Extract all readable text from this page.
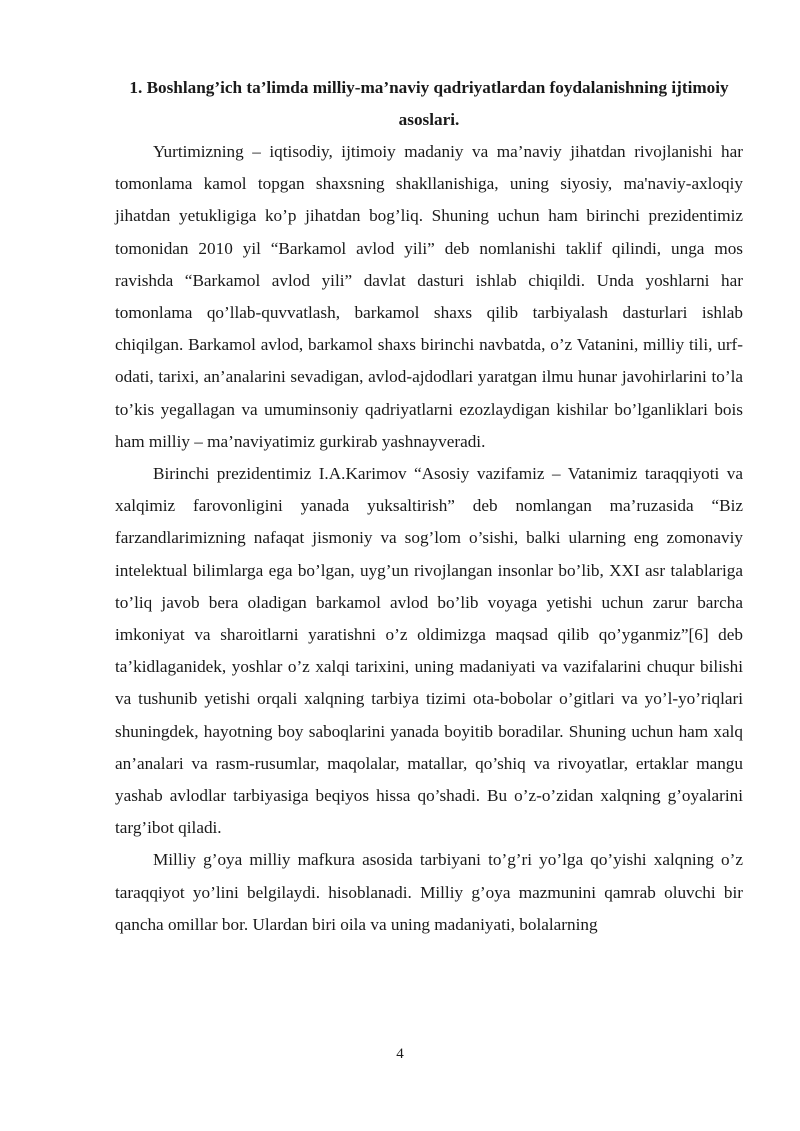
1. Boshlang’ich ta’limda milliy-ma’naviy qadriyatlardan foydalanishning ijtimoiy asoslari.

Yurtimizning – iqtisodiy, ijtimoiy madaniy va ma’naviy jihatdan rivojlanishi har tomonlama kamol topgan shaxsning shakllanishiga, uning siyosiy, ma'naviy-axloqiy jihatdan yetukligiga ko’p jihatdan bog’liq. Shuning uchun ham birinchi prezidentimiz tomonidan 2010 yil “Barkamol avlod yili” deb nomlanishi taklif qilindi, unga mos ravishda “Barkamol avlod yili” davlat dasturi ishlab chiqildi. Unda yoshlarni har tomonlama qo’llab-quvvatlash, barkamol shaxs qilib tarbiyalash dasturlari ishlab chiqilgan. Barkamol avlod, barkamol shaxs birinchi navbatda, o’z Vatanini, milliy tili, urf-odati, tarixi, an’analarini sevadigan, avlod-ajdodlari yaratgan ilmu hunar javohirlarini to’la to’kis yegallagan va umuminsoniy qadriyatlarni ezozlaydigan kishilar bo’lganliklari bois ham milliy – ma’naviyatimiz gurkirab yashnayveradi.

Birinchi prezidentimiz I.A.Karimov “Asosiy vazifamiz – Vatanimiz taraqqiyoti va xalqimiz farovonligini yanada yuksaltirish” deb nomlangan ma’ruzasida “Biz farzandlarimizning nafaqat jismoniy va sog’lom o’sishi, balki ularning eng zomonaviy intelektual bilimlarga ega bo’lgan, uyg’un rivojlangan insonlar bo’lib, XXI asr talablariga to’liq javob bera oladigan barkamol avlod bo’lib voyaga yetishi uchun zarur barcha imkoniyat va sharoitlarni yaratishni o’z oldimizga maqsad qilib qo’yganmiz”[6] deb ta’kidlaganidek, yoshlar o’z xalqi tarixini, uning madaniyati va vazifalarini chuqur bilishi va tushunib yetishi orqali xalqning tarbiya tizimi ota-bobolar o’gitlari va yo’l-yo’riqlari shuningdek, hayotning boy saboqlarini yanada boyitib boradilar. Shuning uchun ham xalq an’analari va rasm-rusumlar, maqolalar, matallar, qo’shiq va rivoyatlar, ertaklar mangu yashab avlodlar tarbiyasiga beqiyos hissa qo’shadi. Bu o’z-o’zidan xalqning g’oyalarini targ’ibot qiladi.

Milliy g’oya milliy mafkura asosida tarbiyani to’g’ri yo’lga qo’yishi xalqning o’z taraqqiyot yo’lini belgilaydi. hisoblanadi. Milliy g’oya mazmunini qamrab oluvchi bir qancha omillar bor. Ulardan biri oila va uning madaniyati, bolalarning

4
